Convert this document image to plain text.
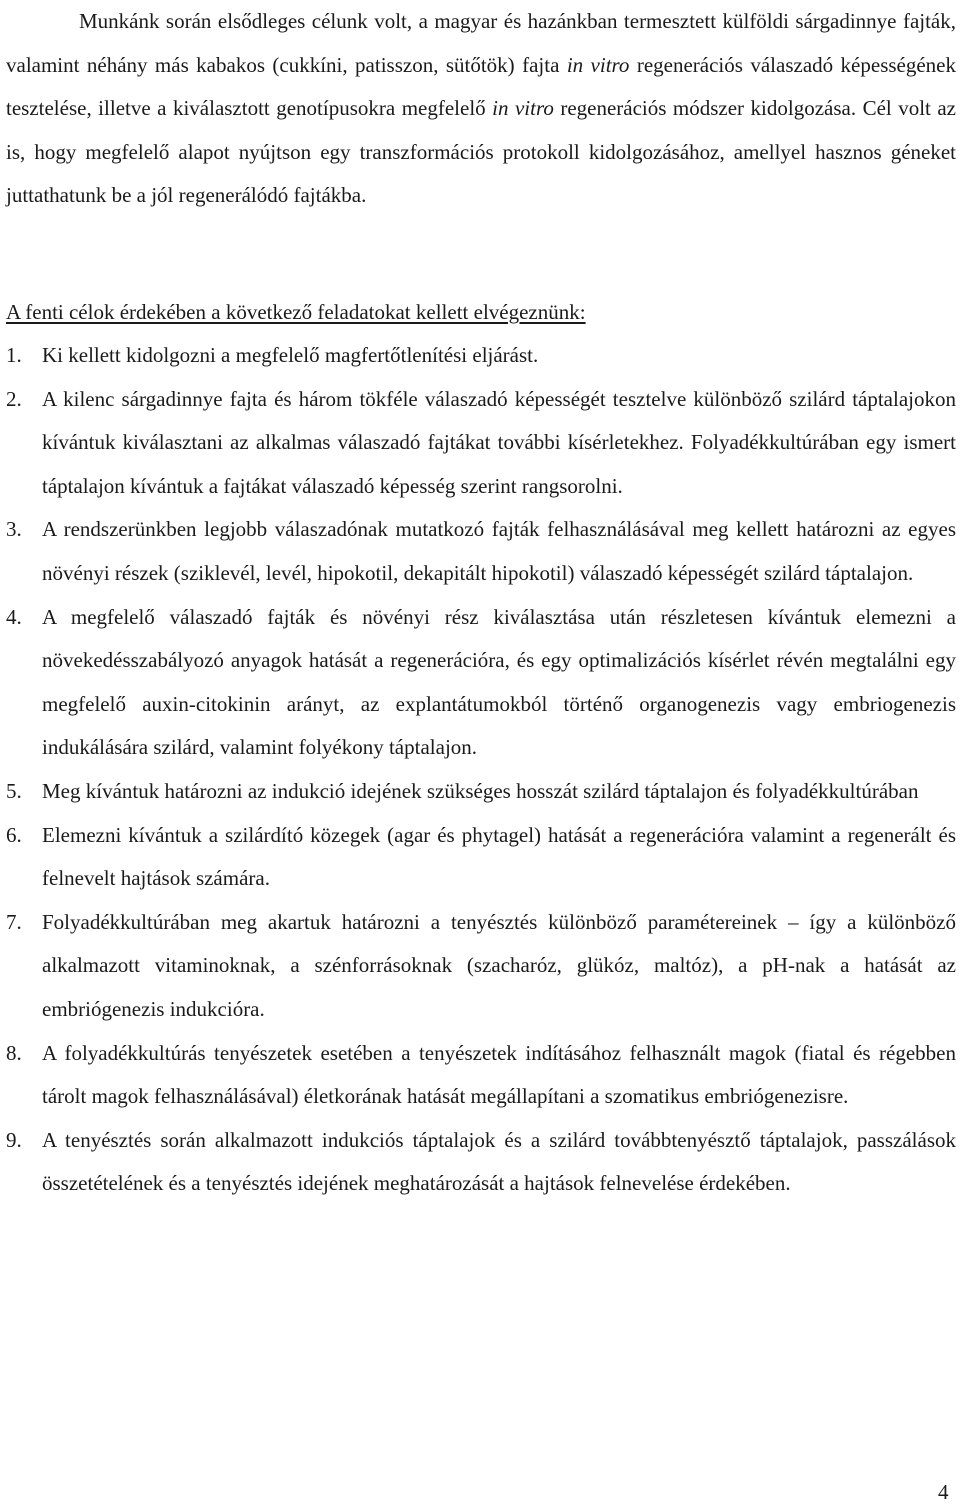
Munkánk során elsődleges célunk volt, a magyar és hazánkban termesztett külföldi sárgadinnye fajták, valamint néhány más kabakos (cukkíni, patisszon, sütőtök) fajta in vitro regenerációs válaszadó képességének tesztelése, illetve a kiválasztott genotípusokra megfelelő in vitro regenerációs módszer kidolgozása. Cél volt az is, hogy megfelelő alapot nyújtson egy transzformációs protokoll kidolgozásához, amellyel hasznos géneket juttathatunk be a jól regenerálódó fajtákba.

A fenti célok érdekében a következő feladatokat kellett elvégeznünk:

1. Ki kellett kidolgozni a megfelelő magfertőtlenítési eljárást.
2. A kilenc sárgadinnye fajta és három tökféle válaszadó képességét tesztelve különböző szilárd táptalajokon kívántuk kiválasztani az alkalmas válaszadó fajtákat további kísérletekhez. Folyadékkultúrában egy ismert táptalajon kívántuk a fajtákat válaszadó képesség szerint rangsorolni.
3. A rendszerünkben legjobb válaszadónak mutatkozó fajták felhasználásával meg kellett határozni az egyes növényi részek (sziklevél, levél, hipokotil, dekapitált hipokotil) válaszadó képességét szilárd táptalajon.
4. A megfelelő válaszadó fajták és növényi rész kiválasztása után részletesen kívántuk elemezni a növekedésszabályozó anyagok hatását a regenerációra, és egy optimalizációs kísérlet révén megtalálni egy megfelelő auxin-citokinin arányt, az explantátumokból történő organogenezis vagy embriogenezis indukálására szilárd, valamint folyékony táptalajon.
5. Meg kívántuk határozni az indukció idejének szükséges hosszát szilárd táptalajon és folyadékkultúrában
6. Elemezni kívántuk a szilárdító közegek (agar és phytagel) hatását a regenerációra valamint a regenerált és felnevelt hajtások számára.
7. Folyadékkultúrában meg akartuk határozni a tenyésztés különböző paramétereinek – így a különböző alkalmazott vitaminoknak, a szénforrásoknak (szacharóz, glükóz, maltóz), a pH-nak a hatását az embriógenezis indukcióra.
8. A folyadékkultúrás tenyészetek esetében a tenyészetek indításához felhasznált magok (fiatal és régebben tárolt magok felhasználásával) életkorának hatását megállapítani a szomatikus embriógenezisre.
9. A tenyésztés során alkalmazott indukciós táptalajok és a szilárd továbbtenyésztő táptalajok, passzálások összetételének és a tenyésztés idejének meghatározását a hajtások felnevelése érdekében.
4
